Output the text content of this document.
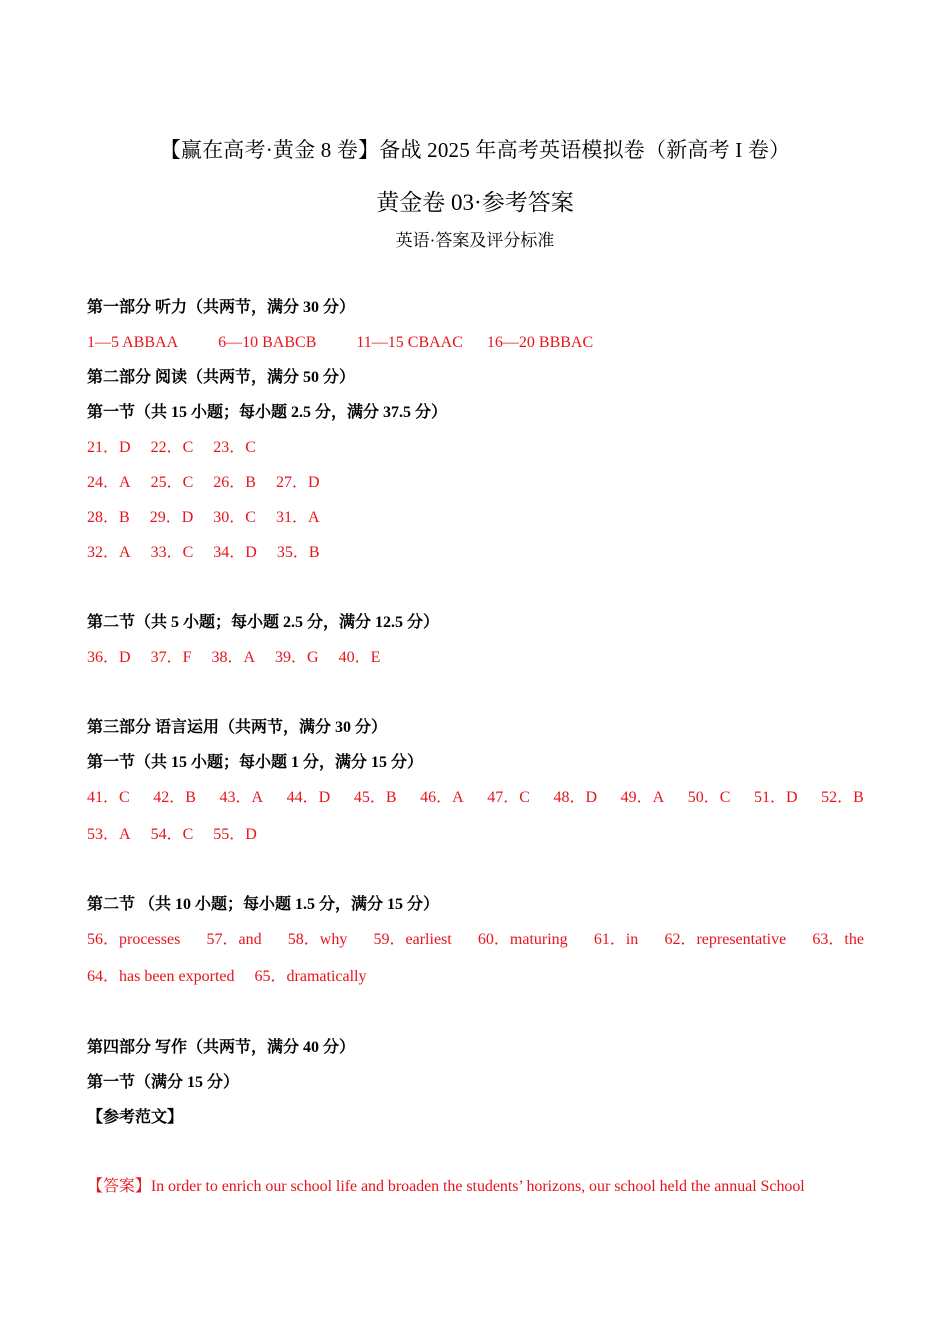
【赢在高考·黄金 8 卷】备战 2025 年高考英语模拟卷（新高考 I 卷）
黄金卷 03·参考答案
英语·答案及评分标准
第一部分 听力（共两节，满分 30 分）
1—5 ABBAA	6—10 BABCB	11—15 CBAAC 16—20 BBBAC
第二部分 阅读（共两节，满分 50 分）
第一节（共 15 小题；每小题 2.5 分，满分 37.5 分）
21．D 22．C 23．C
24．A 25．C 26．B 27．D
28．B 29．D 30．C 31．A
32．A 33．C 34．D 35．B
第二节（共 5 小题；每小题 2.5 分，满分 12.5 分）
36．D 37．F 38．A 39．G 40．E
第三部分 语言运用（共两节，满分 30 分）
第一节（共 15 小题；每小题 1 分，满分 15 分）
41．C 42．B 43．A 44．D 45．B 46．A 47．C 48．D 49．A 50．C 51．D 52．B
53．A 54．C 55．D
第二节 （共 10 小题；每小题 1.5 分，满分 15 分）
56．processes 57．and 58．why 59．earliest 60．maturing 61．in 62．representative 63．the
64．has been exported 65．dramatically
第四部分 写作（共两节，满分 40 分）
第一节（满分 15 分）
【参考范文】
【答案】In order to enrich our school life and broaden the students’ horizons, our school held the annual School
